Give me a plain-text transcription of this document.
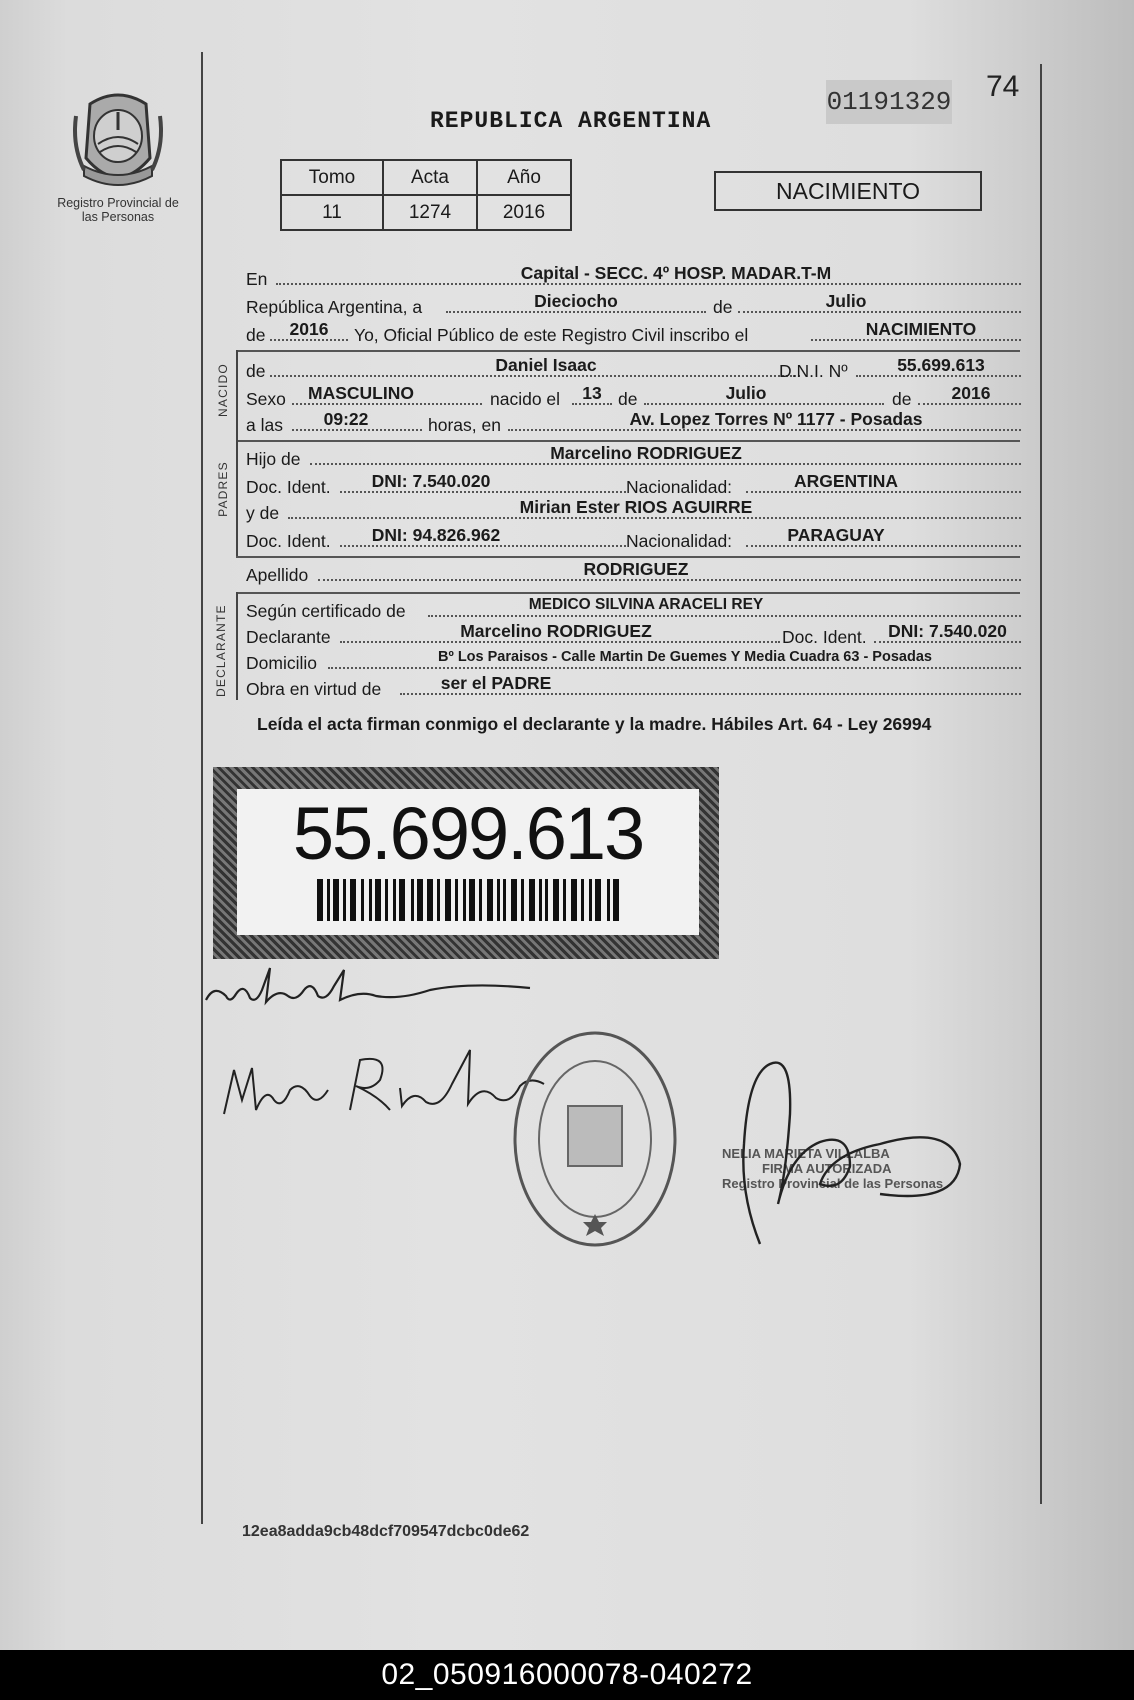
Registro Provincial de las Personas
01191329 74
REPUBLICA ARGENTINA
Tomo	Acta	Año
11	1274	2016
NACIMIENTO
En	Capital - SECC. 4º HOSP. MADAR.T-M
República Argentina, a	Dieciocho	de	Julio
de	2016	Yo, Oficial Público de este Registro Civil inscribo el	NACIMIENTO
NACIDO de	Daniel Isaac	D.N.I. Nº	55.699.613
Sexo	MASCULINO	nacido el	13 de	Julio	de	2016
a las	09:22	horas, en	Av. Lopez Torres Nº 1177 - Posadas
PADRES
Hijo de	Marcelino RODRIGUEZ
Doc. Ident.	DNI: 7.540.020	Nacionalidad:	ARGENTINA
y de	Mirian Ester RIOS AGUIRRE
Doc. Ident.	DNI: 94.826.962	Nacionalidad:	PARAGUAY
Apellido	RODRIGUEZ
DECLARANTE Según certificado de	MEDICO SILVINA ARACELI REY
Declarante	Marcelino RODRIGUEZ	Doc. Ident.	DNI: 7.540.020
Domicilio	Bº Los Paraisos - Calle Martin De Guemes Y Media Cuadra 63 - Posadas
Obra en virtud de	ser el PADRE
Leída el acta firman conmigo el declarante y la madre. Hábiles Art. 64 - Ley 26994
55.699.613
NELIA MARIETA VILLALBA
FIRMA AUTORIZADA
Registro Provincial de las Personas
12ea8adda9cb48dcf709547dcbc0de62
02_050916000078-040272
